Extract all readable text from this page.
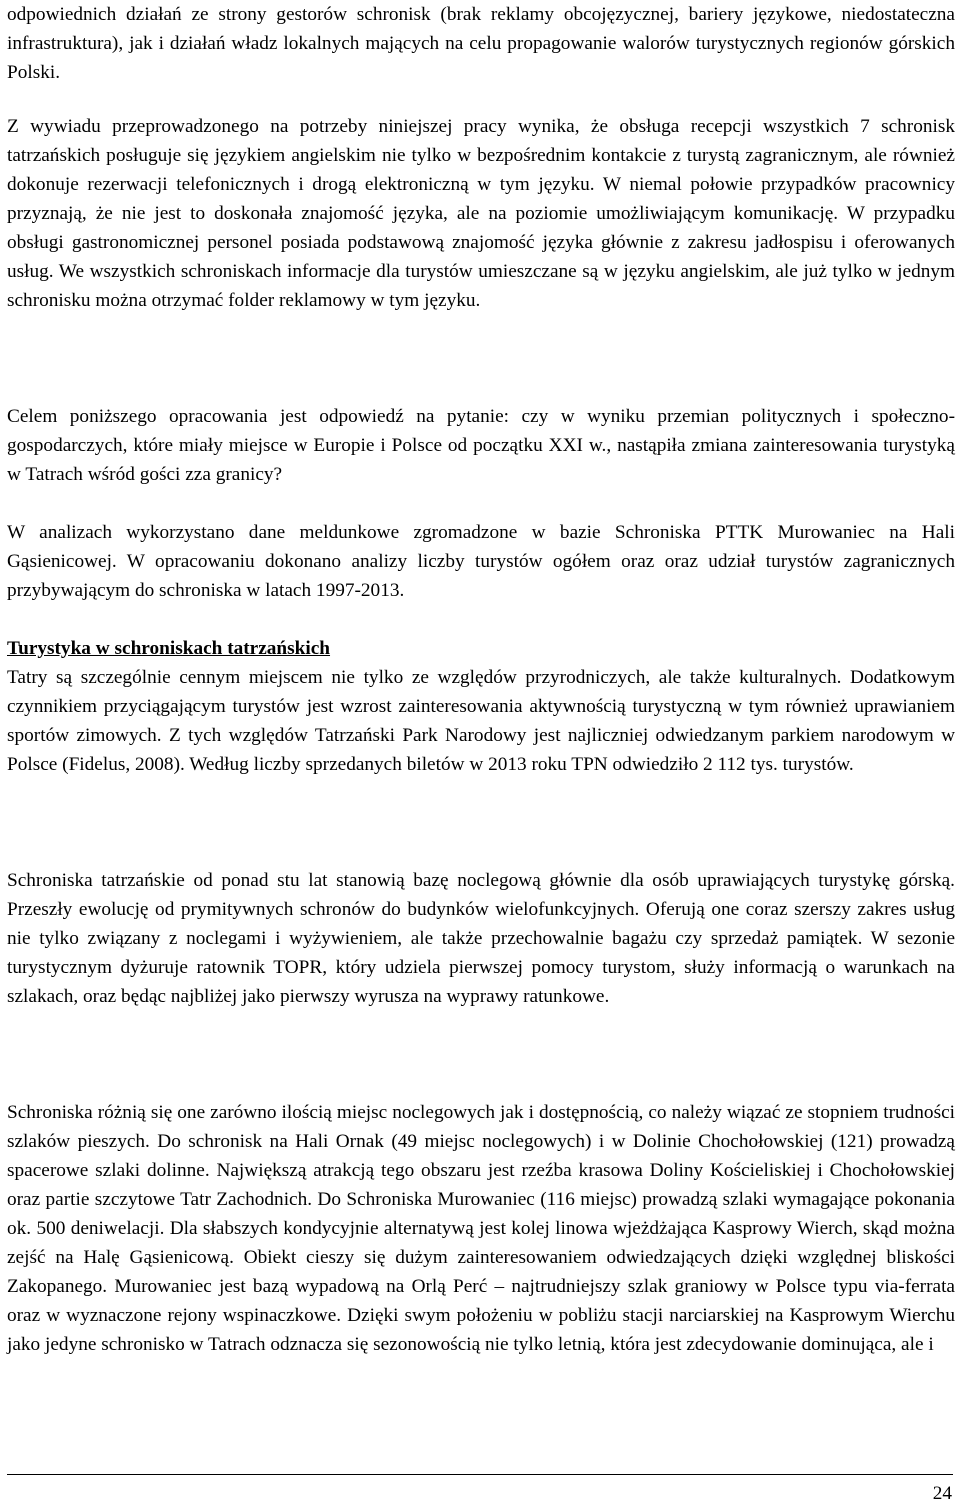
odpowiednich działań ze strony gestorów schronisk (brak reklamy obcojęzycznej, bariery językowe, niedostateczna infrastruktura), jak i działań władz lokalnych mających na celu propagowanie walorów turystycznych regionów górskich Polski.

Z wywiadu przeprowadzonego na potrzeby niniejszej pracy wynika, że obsługa recepcji wszystkich 7 schronisk tatrzańskich posługuje się językiem angielskim nie tylko w bezpośrednim kontakcie z turystą zagranicznym, ale również dokonuje rezerwacji telefonicznych i drogą elektroniczną w tym języku. W niemal połowie przypadków pracownicy przyznają, że nie jest to doskonała znajomość języka, ale na poziomie umożliwiającym komunikację. W przypadku obsługi gastronomicznej personel posiada podstawową znajomość języka głównie z zakresu jadłospisu i oferowanych usług. We wszystkich schroniskach informacje dla turystów umieszczane są w języku angielskim, ale już tylko w jednym schronisku można otrzymać folder reklamowy w tym języku.

Celem poniższego opracowania jest odpowiedź na pytanie: czy w wyniku przemian politycznych i społeczno-gospodarczych, które miały miejsce w Europie i Polsce od początku XXI w., nastąpiła zmiana zainteresowania turystyką w Tatrach wśród gości zza granicy?

W analizach wykorzystano dane meldunkowe zgromadzone w bazie Schroniska PTTK Murowaniec na Hali Gąsienicowej. W opracowaniu dokonano analizy liczby turystów ogółem oraz oraz udział turystów zagranicznych przybywającym do schroniska w latach 1997-2013.

Turystyka w schroniskach tatrzańskich

Tatry są szczególnie cennym miejscem nie tylko ze względów przyrodniczych, ale także kulturalnych. Dodatkowym czynnikiem przyciągającym turystów jest wzrost zainteresowania aktywnością turystyczną w tym również uprawianiem sportów zimowych. Z tych względów Tatrzański Park Narodowy jest najliczniej odwiedzanym parkiem narodowym w Polsce (Fidelus, 2008). Według liczby sprzedanych biletów w 2013 roku TPN odwiedziło 2 112 tys. turystów.

Schroniska tatrzańskie od ponad stu lat stanowią bazę noclegową głównie dla osób uprawiających turystykę górską. Przeszły ewolucję od prymitywnych schronów do budynków wielofunkcyjnych. Oferują one coraz szerszy zakres usług nie tylko związany z noclegami i wyżywieniem, ale także przechowalnie bagażu czy sprzedaż pamiątek. W sezonie turystycznym dyżuruje ratownik TOPR, który udziela pierwszej pomocy turystom, służy informacją o warunkach na szlakach, oraz będąc najbliżej jako pierwszy wyrusza na wyprawy ratunkowe.

Schroniska różnią się one zarówno ilością miejsc noclegowych jak i dostępnością, co należy wiązać ze stopniem trudności szlaków pieszych. Do schronisk na Hali Ornak (49 miejsc noclegowych) i w Dolinie Chochołowskiej (121) prowadzą spacerowe szlaki dolinne. Największą atrakcją tego obszaru jest rzeźba krasowa Doliny Kościeliskiej i Chochołowskiej oraz partie szczytowe Tatr Zachodnich. Do Schroniska Murowaniec (116 miejsc) prowadzą szlaki wymagające pokonania ok. 500 deniwelacji. Dla słabszych kondycyjnie alternatywą jest kolej linowa wjeżdżająca Kasprowy Wierch, skąd można zejść na Halę Gąsienicową. Obiekt cieszy się dużym zainteresowaniem odwiedzających dzięki względnej bliskości Zakopanego. Murowaniec jest bazą wypadową na Orlą Perć – najtrudniejszy szlak graniowy w Polsce typu via-ferrata oraz w wyznaczone rejony wspinaczkowe. Dzięki swym położeniu w pobliżu stacji narciarskiej na Kasprowym Wierchu jako jedyne schronisko w Tatrach odznacza się sezonowością nie tylko letnią, która jest zdecydowanie dominująca, ale i

24
